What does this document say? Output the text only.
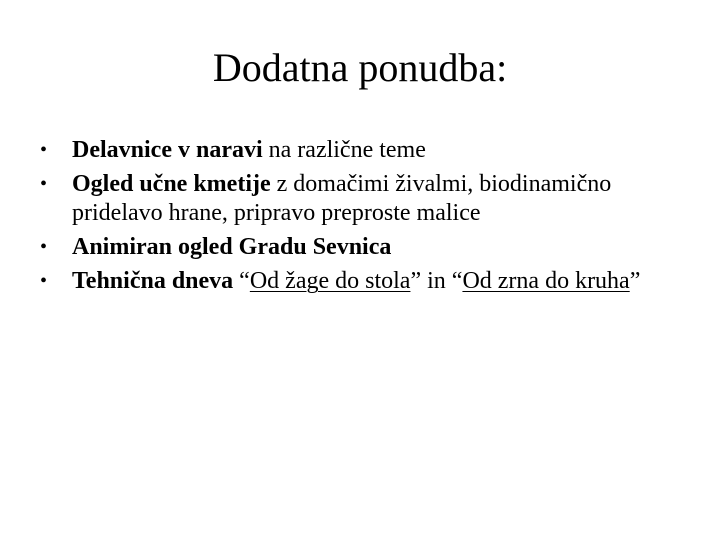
Dodatna ponudba:
•	Delavnice v naravi na različne teme
•	Ogled učne kmetije z domačimi živalmi, biodinamično pridelavo hrane, pripravo preproste malice
•	Animiran ogled Gradu Sevnica
•	Tehnična dneva “Od žage do stola” in “Od zrna do kruha”
